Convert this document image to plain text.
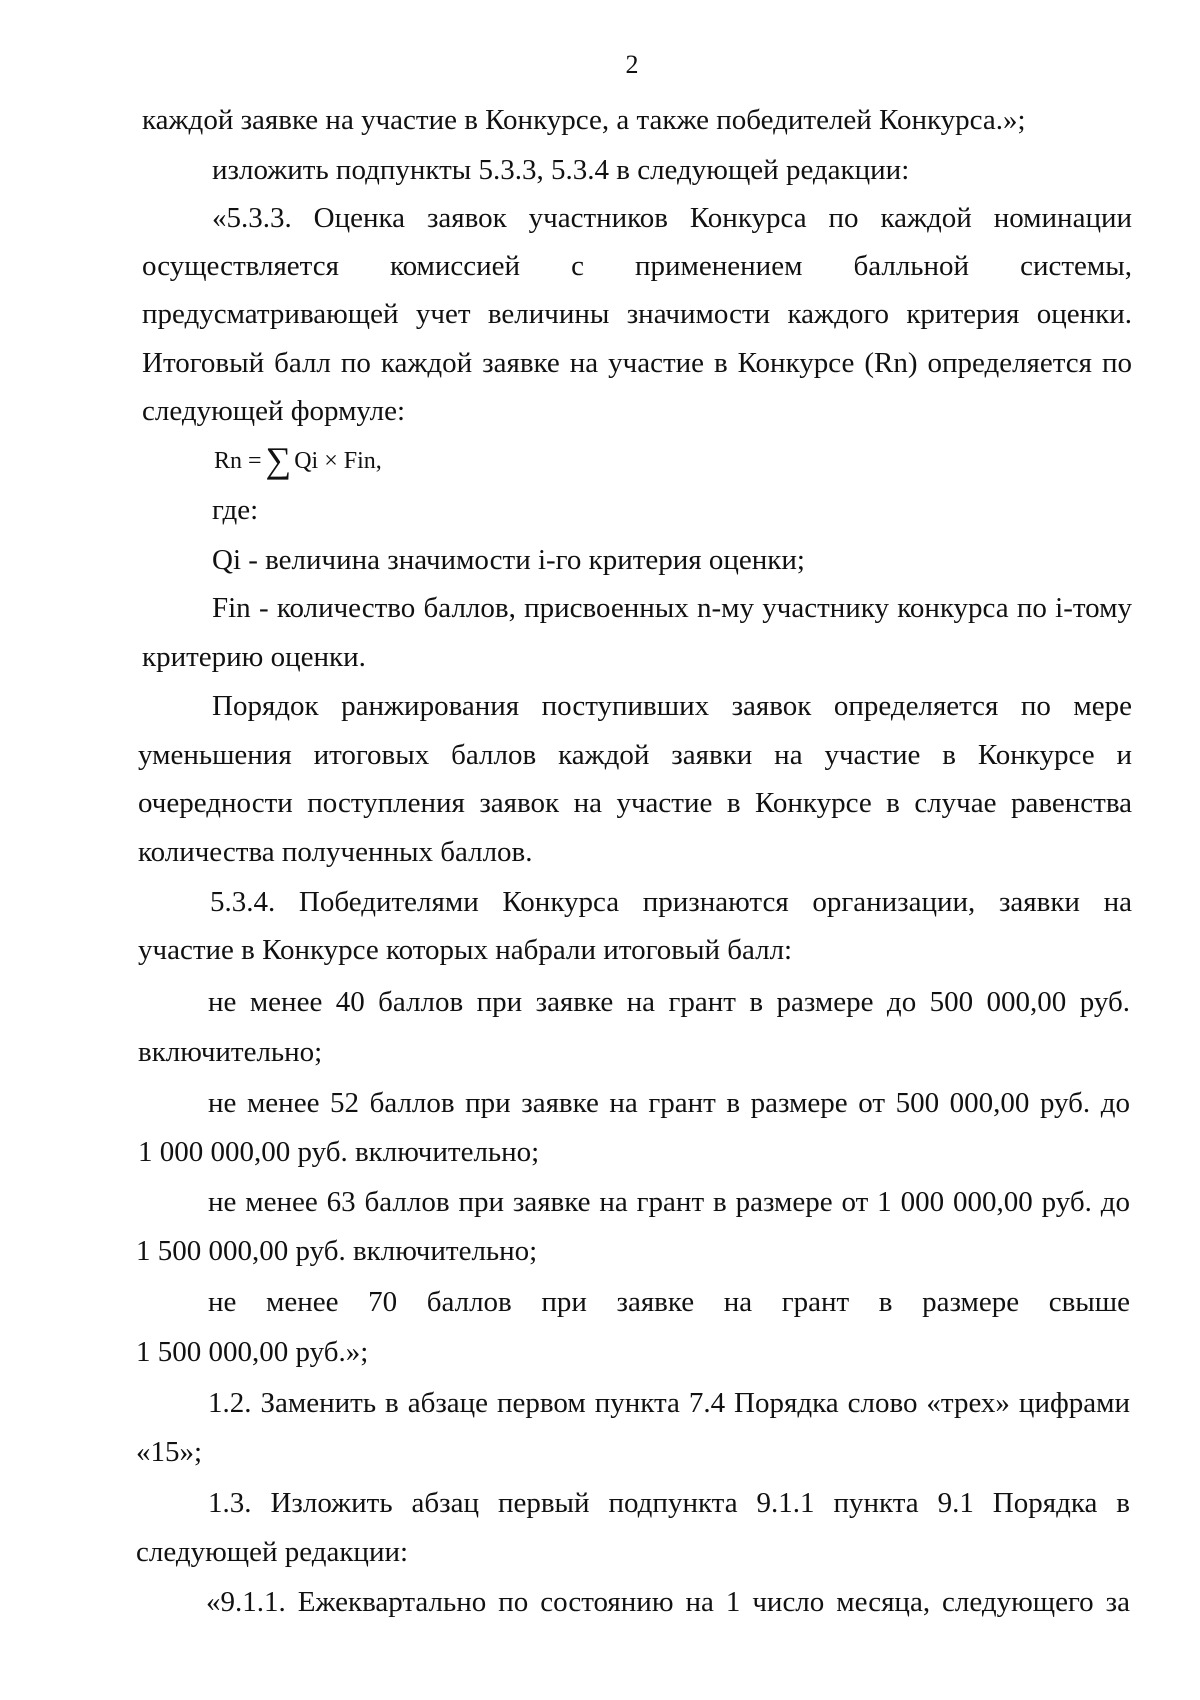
2
каждой заявке на участие в Конкурсе, а также победителей Конкурса.»;
изложить подпункты 5.3.3, 5.3.4 в следующей редакции:
«5.3.3. Оценка заявок участников Конкурса по каждой номинации
осуществляется комиссией с применением балльной системы,
предусматривающей учет величины значимости каждого критерия оценки.
Итоговый балл по каждой заявке на участие в Конкурсе (Rn) определяется по
следующей формуле:
Rn = ∑ Qi × Fin,
где:
Qi - величина значимости i-го критерия оценки;
Fin - количество баллов, присвоенных n-му участнику конкурса по i-тому
критерию оценки.
Порядок ранжирования поступивших заявок определяется по мере
уменьшения итоговых баллов каждой заявки на участие в Конкурсе и
очередности поступления заявок на участие в Конкурсе в случае равенства
количества полученных баллов.
5.3.4. Победителями Конкурса признаются организации, заявки на
участие в Конкурсе которых набрали итоговый балл:
не менее 40 баллов при заявке на грант в размере до 500 000,00 руб.
включительно;
не менее 52 баллов при заявке на грант в размере от 500 000,00 руб. до
1 000 000,00 руб. включительно;
не менее 63 баллов при заявке на грант в размере от 1 000 000,00 руб. до
1 500 000,00 руб. включительно;
не менее 70 баллов при заявке на грант в размере свыше
1 500 000,00 руб.»;
1.2. Заменить в абзаце первом пункта 7.4 Порядка слово «трех» цифрами
«15»;
1.3. Изложить абзац первый подпункта 9.1.1 пункта 9.1 Порядка в
следующей редакции:
«9.1.1. Ежеквартально по состоянию на 1 число месяца, следующего за
